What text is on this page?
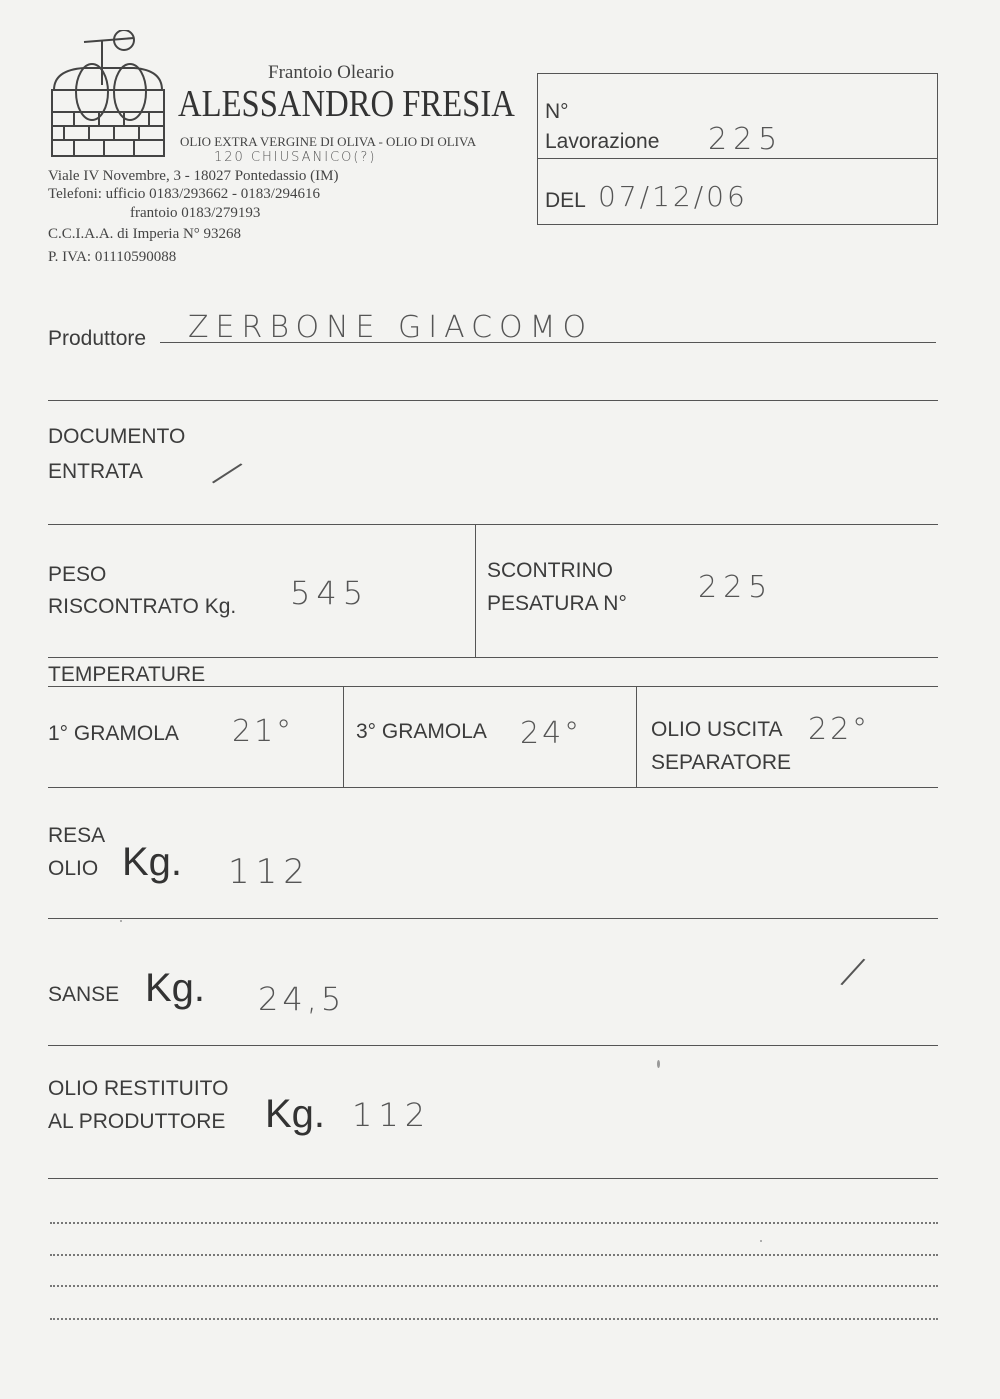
Frantoio Oleario
ALESSANDRO FRESIA
OLIO EXTRA VERGINE DI OLIVA - OLIO DI OLIVA
120 CHIUSANICO(?)
Viale IV Novembre, 3 - 18027 Pontedassio (IM)
Telefoni: ufficio 0183/293662 - 0183/294616
frantoio 0183/279193
C.C.I.A.A. di Imperia N° 93268
P. IVA: 01110590088
N°
Lavorazione 225
DEL 07/12/06
Produttore ZERBONE GIACOMO
DOCUMENTO
ENTRATA /
PESO
RISCONTRATO Kg. 545
SCONTRINO
PESATURA N° 225
TEMPERATURE
1° GRAMOLA 21°	3° GRAMOLA 24°	OLIO USCITA
SEPARATORE
22°
RESA
OLIO Kg. 112
SANSE Kg. 24,5
/
OLIO RESTITUITO
AL PRODUTTORE Kg. 112
